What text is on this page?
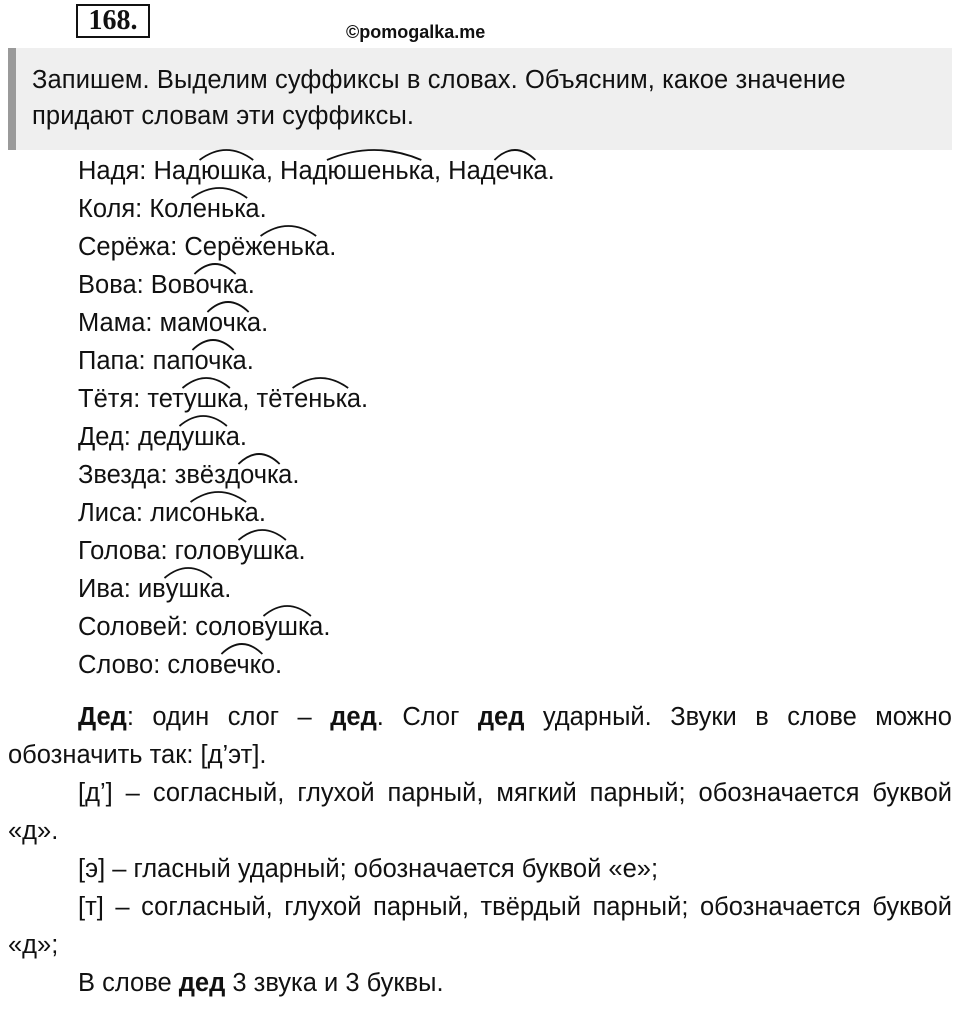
168.	©pomogalka.me
Запишем. Выделим суффиксы в словах. Объясним, какое значение придают словам эти суффиксы.
Надя: Над
юшка, Над
юшенька, Над
ечка.
Коля: Кол
енька.
Серёжа: Серёж
енька.
Вова: Вов
очка.
Мама: мам
очка.
Папа: пап
очка.
Тётя: тет
ушка, тёт
енька.
Дед: дед
ушка.
Звезда: звёзд
очка.
Лиса: лис
онька.
Голова: голов
ушка.
Ива: ив
ушка.
Соловей: солов
ушка.
Слово: слов
ечко.

Дед: один слог – дед. Слог дед ударный. Звуки в слове можно обозначить так: [д’эт].

[д’] – согласный, глухой парный, мягкий парный; обозначается буквой «д».

[э] – гласный ударный; обозначается буквой «е»;

[т] – согласный, глухой парный, твёрдый парный; обозначается буквой «д»;

В слове дед 3 звука и 3 буквы.
